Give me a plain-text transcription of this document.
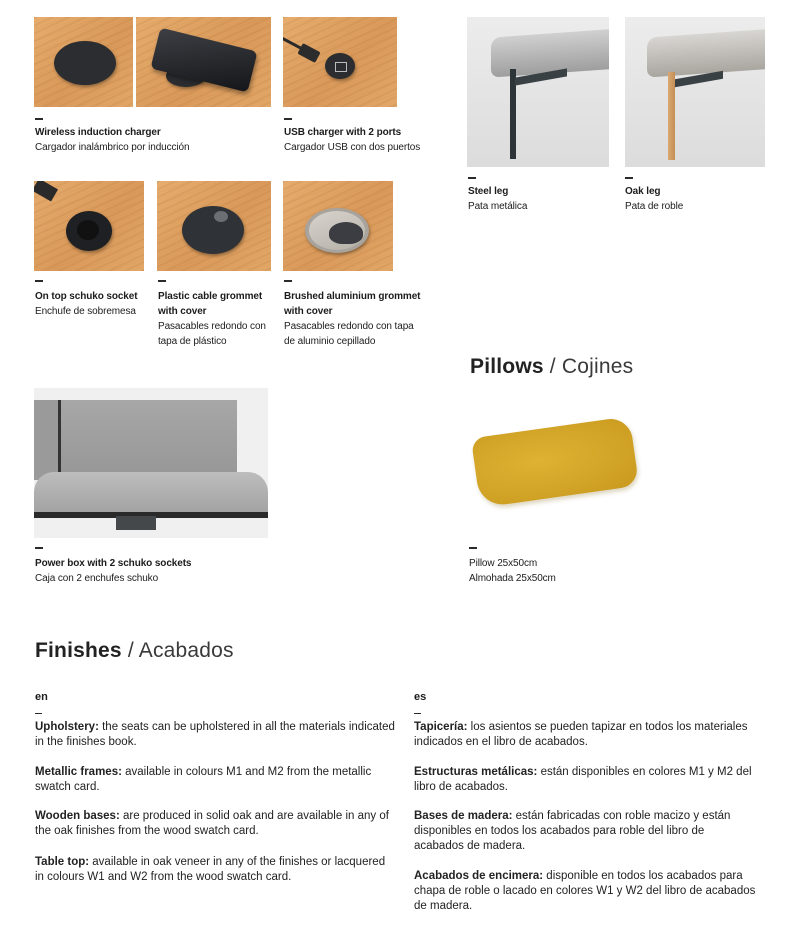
Wireless induction charger
Cargador inalámbrico por inducción
USB charger with 2 ports
Cargador USB con dos puertos
Steel leg
Pata metálica
Oak leg
Pata de roble
On top schuko socket
Enchufe de sobremesa
Plastic cable grommet with cover
Pasacables redondo con tapa de plástico
Brushed aluminium grommet with cover
Pasacables redondo con tapa de aluminio cepillado
Pillows / Cojines
Power box with 2 schuko sockets
Caja con 2 enchufes schuko
Pillow 25x50cm
Almohada 25x50cm
Finishes / Acabados
en
Upholstery: the seats can be upholstered in all the materials indicated in the finishes book.
Metallic frames: available in colours M1 and M2 from the metallic swatch card.
Wooden bases: are produced in solid oak and are available in any of the oak finishes from the wood swatch card.
Table top: available in oak veneer in any of the finishes or lacquered in colours W1 and W2 from the wood swatch card.
es
Tapicería: los asientos se pueden tapizar en todos los materiales indicados en el libro de acabados.
Estructuras metálicas: están disponibles en colores M1 y M2 del libro de acabados.
Bases de madera: están fabricadas con roble macizo y están disponibles en todos los acabados para roble del libro de acabados de madera.
Acabados de encimera: disponible en todos los acabados para chapa de roble o lacado en colores W1 y W2 del libro de acabados de madera.
